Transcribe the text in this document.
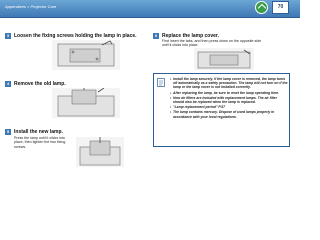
Appendixes > Projector Care	70
3 Loosen the fixing screws holding the lamp in place.
4 Remove the old lamp.
5 Install the new lamp.
Press the lamp until it clicks into place, then tighten the two fixing screws.
6 Replace the lamp cover.
First insert the tabs, and then press down on the opposite side until it clicks into place.
• Install the lamp securely. If the lamp cover is removed, the lamp turns off automatically as a safety precaution. The lamp will not turn on if the lamp or the lamp cover is not installed correctly.
• After replacing the lamp, be sure to reset the lamp operating time.
• Now air filters are included with replacement lamps. The air filter should also be replaced when the lamp is replaced.
• "Lamp replacement period" P.57
• The lamp contains mercury. Dispose of used lamps properly in accordance with your local regulations.
